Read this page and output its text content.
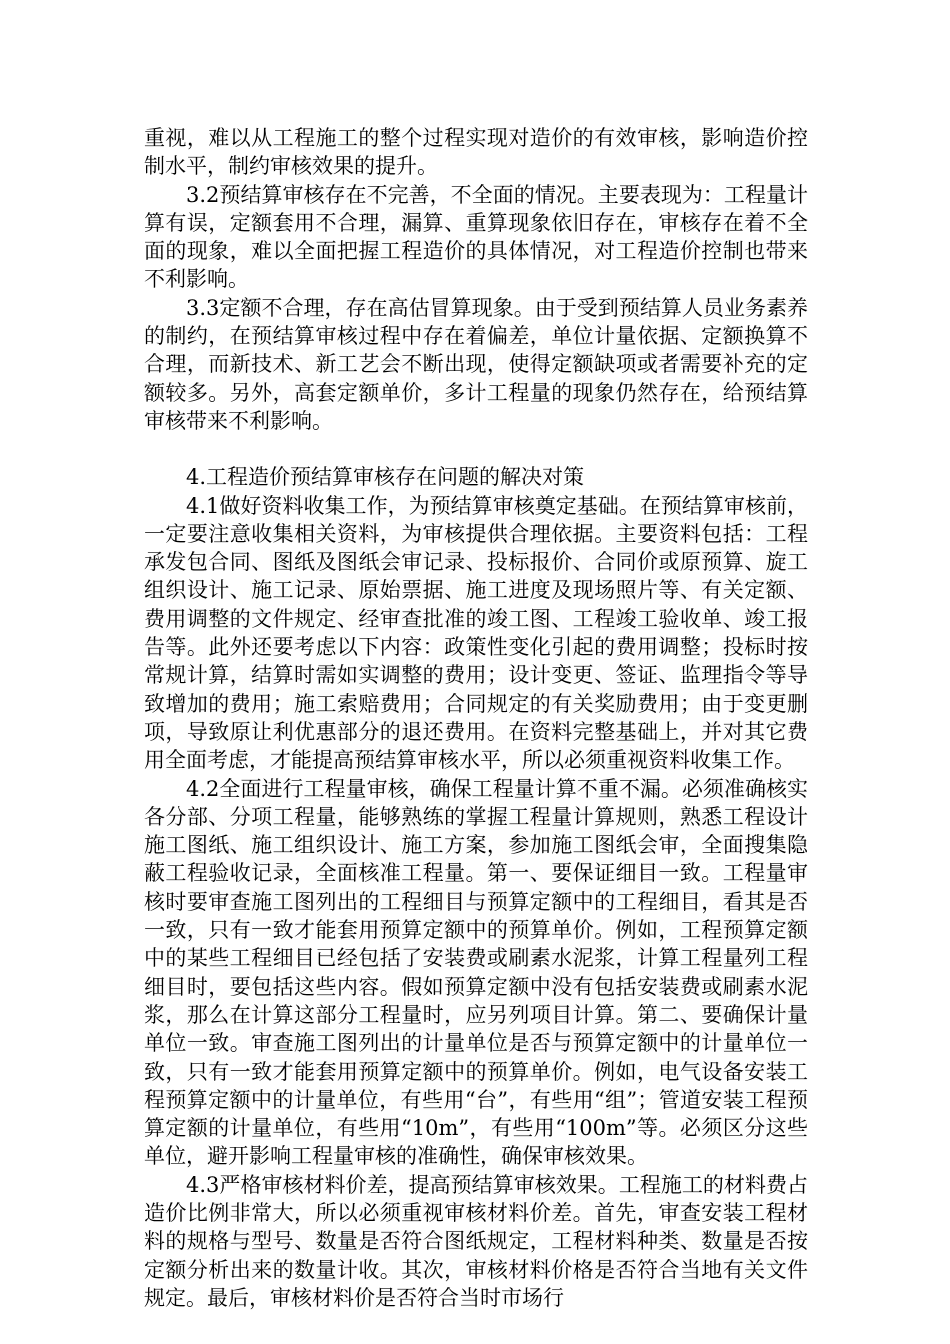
重视，难以从工程施工的整个过程实现对造价的有效审核，影响造价控制水平，制约审核效果的提升。

3.2预结算审核存在不完善，不全面的情况。主要表现为：工程量计算有误，定额套用不合理，漏算、重算现象依旧存在，审核存在着不全面的现象，难以全面把握工程造价的具体情况，对工程造价控制也带来不利影响。

3.3定额不合理，存在高估冒算现象。由于受到预结算人员业务素养的制约，在预结算审核过程中存在着偏差，单位计量依据、定额换算不合理，而新技术、新工艺会不断出现，使得定额缺项或者需要补充的定额较多。另外，高套定额单价，多计工程量的现象仍然存在，给预结算审核带来不利影响。

4.工程造价预结算审核存在问题的解决对策

4.1做好资料收集工作，为预结算审核奠定基础。在预结算审核前，一定要注意收集相关资料，为审核提供合理依据。主要资料包括：工程承发包合同、图纸及图纸会审记录、投标报价、合同价或原预算、旋工组织设计、施工记录、原始票据、施工进度及现场照片等、有关定额、费用调整的文件规定、经审查批准的竣工图、工程竣工验收单、竣工报告等。此外还要考虑以下内容：政策性变化引起的费用调整；投标时按常规计算，结算时需如实调整的费用；设计变更、签证、监理指令等导致增加的费用；施工索赔费用；合同规定的有关奖励费用；由于变更删项，导致原让利优惠部分的退还费用。在资料完整基础上，并对其它费用全面考虑，才能提高预结算审核水平，所以必须重视资料收集工作。

4.2全面进行工程量审核，确保工程量计算不重不漏。必须准确核实各分部、分项工程量，能够熟练的掌握工程量计算规则，熟悉工程设计施工图纸、施工组织设计、施工方案，参加施工图纸会审，全面搜集隐蔽工程验收记录，全面核准工程量。第一、要保证细目一致。工程量审核时要审查施工图列出的工程细目与预算定额中的工程细目，看其是否一致，只有一致才能套用预算定额中的预算单价。例如，工程预算定额中的某些工程细目已经包括了安装费或刷素水泥浆，计算工程量列工程细目时，要包括这些内容。假如预算定额中没有包括安装费或刷素水泥浆，那么在计算这部分工程量时，应另列项目计算。第二、要确保计量单位一致。审查施工图列出的计量单位是否与预算定额中的计量单位一致，只有一致才能套用预算定额中的预算单价。例如，电气设备安装工程预算定额中的计量单位，有些用“台”，有些用“组”；管道安装工程预算定额的计量单位，有些用“10m”，有些用“100m”等。必须区分这些单位，避开影响工程量审核的准确性，确保审核效果。

4.3严格审核材料价差，提高预结算审核效果。工程施工的材料费占造价比例非常大，所以必须重视审核材料价差。首先，审查安装工程材料的规格与型号、数量是否符合图纸规定，工程材料种类、数量是否按定额分析出来的数量计收。其次，审核材料价格是否符合当地有关文件规定。最后，审核材料价是否符合当时市场行
